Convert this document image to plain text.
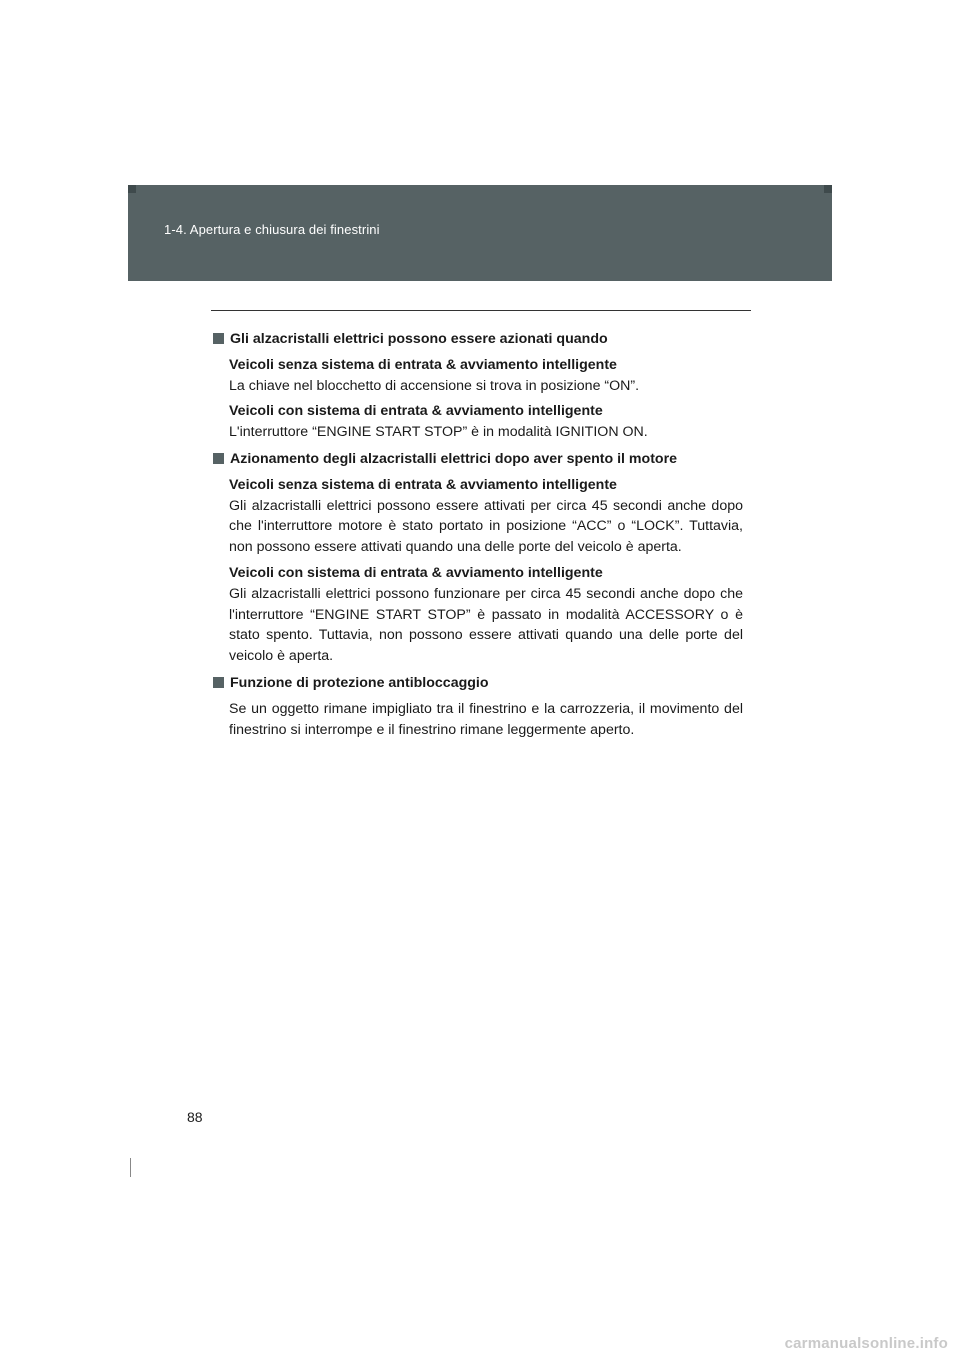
1-4. Apertura e chiusura dei finestrini
Gli alzacristalli elettrici possono essere azionati quando
Veicoli senza sistema di entrata & avviamento intelligente
La chiave nel blocchetto di accensione si trova in posizione “ON”.
Veicoli con sistema di entrata & avviamento intelligente
L'interruttore “ENGINE START STOP” è in modalità IGNITION ON.
Azionamento degli alzacristalli elettrici dopo aver spento il motore
Veicoli senza sistema di entrata & avviamento intelligente
Gli alzacristalli elettrici possono essere attivati per circa 45 secondi anche dopo che l'interruttore motore è stato portato in posizione “ACC” o “LOCK”. Tuttavia, non possono essere attivati quando una delle porte del veicolo è aperta.
Veicoli con sistema di entrata & avviamento intelligente
Gli alzacristalli elettrici possono funzionare per circa 45 secondi anche dopo che l'interruttore “ENGINE START STOP” è passato in modalità ACCESSORY o è stato spento. Tuttavia, non possono essere attivati quando una delle porte del veicolo è aperta.
Funzione di protezione antibloccaggio
Se un oggetto rimane impigliato tra il finestrino e la carrozzeria, il movimento del finestrino si interrompe e il finestrino rimane leggermente aperto.
88
carmanualsonline.info
